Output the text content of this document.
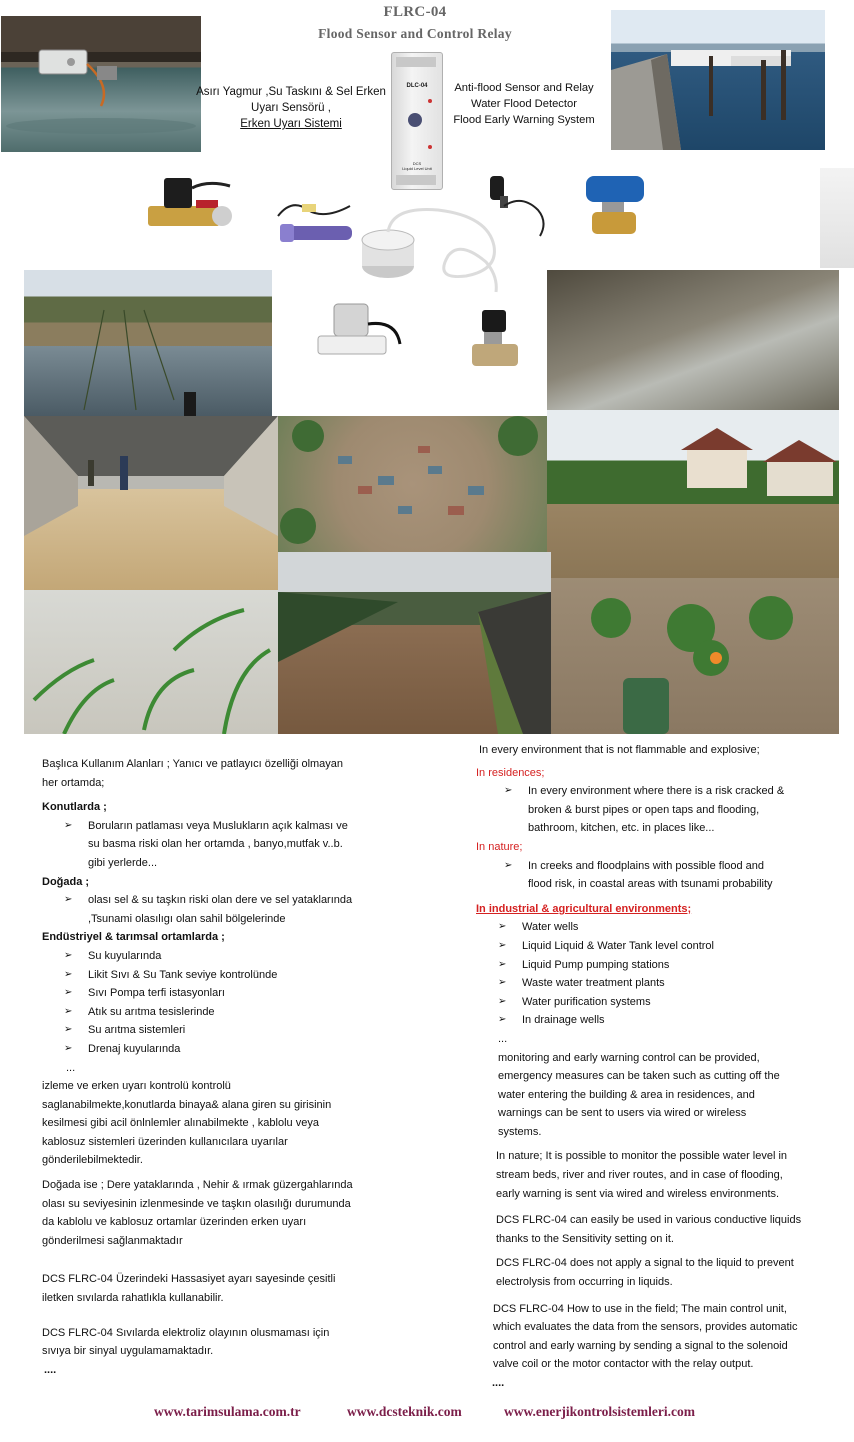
FLRC-04
Flood Sensor and Control Relay
Asırı Yagmur ,Su Taskını & Sel Erken
Uyarı Sensörü ,
Erken Uyarı Sistemi
DLC-04
DCS
Liquid Level Unit
Anti-flood Sensor and Relay
Water Flood Detector
Flood Early Warning System

Başlıca Kullanım Alanları ; Yanıcı ve patlayıcı özelliği olmayan

her ortamda;

Konutlarda ;

➢ Boruların patlaması veya Muslukların açık kalması ve
su basma riski olan her ortamda , banyo,mutfak v..b.
gibi yerlerde...

Doğada ;

➢ olası sel & su taşkın riski olan dere ve sel yataklarında
,Tsunami olasılıgı olan sahil bölgelerinde

Endüstriyel & tarımsal ortamlarda ;

➢ Su kuyularında
➢ Likit Sıvı & Su Tank seviye kontrolünde
➢ Sıvı Pompa terfi istasyonları
➢ Atık su arıtma tesislerinde
➢ Su arıtma sistemleri
➢ Drenaj kuyularında

...

izleme ve erken uyarı kontrolü kontrolü

saglanabilmekte,konutlarda binaya& alana giren su girisinin

kesilmesi gibi acil önlnlemler alınabilmekte , kablolu veya

kablosuz sistemleri üzerinden kullanıcılara uyarılar

gönderilebilmektedir.

Doğada ise ; Dere yataklarında , Nehir & ırmak güzergahlarında

olası su seviyesinin izlenmesinde ve taşkın olasılığı durumunda

da kablolu ve kablosuz ortamlar üzerinden erken uyarı

gönderilmesi sağlanmaktadır

DCS FLRC-04 Üzerindeki Hassasiyet ayarı sayesinde çesitli

iletken sıvılarda rahatlıkla kullanabilir.

DCS FLRC-04 Sıvılarda elektroliz olayının olusmaması için

sıvıya bir sinyal uygulamamaktadır.

....

In every environment that is not flammable and explosive;

In residences;

➢ In every environment where there is a risk cracked &
broken & burst pipes or open taps and flooding,
bathroom, kitchen, etc. in places like...

In nature;

➢ In creeks and floodplains with possible flood and
flood risk, in coastal areas with tsunami probability

In industrial & agricultural environments;

➢ Water wells
➢ Liquid Liquid & Water Tank level control
➢ Liquid Pump pumping stations
➢ Waste water treatment plants
➢ Water purification systems
➢ In drainage wells

...

monitoring and early warning control can be provided,

emergency measures can be taken such as cutting off the

water entering the building & area in residences, and

warnings can be sent to users via wired or wireless

systems.

In nature; It is possible to monitor the possible water level in

stream beds, river and river routes, and in case of flooding,

early warning is sent via wired and wireless environments.

DCS FLRC-04 can easily be used in various conductive liquids

thanks to the Sensitivity setting on it.

DCS FLRC-04 does not apply a signal to the liquid to prevent

electrolysis from occurring in liquids.

DCS FLRC-04 How to use in the field; The main control unit,

which evaluates the data from the sensors, provides automatic

control and early warning by sending a signal to the solenoid

valve coil or the motor contactor with the relay output.

....

www.tarimsulama.com.tr	www.dcsteknik.com	www.enerjikontrolsistemleri.com
